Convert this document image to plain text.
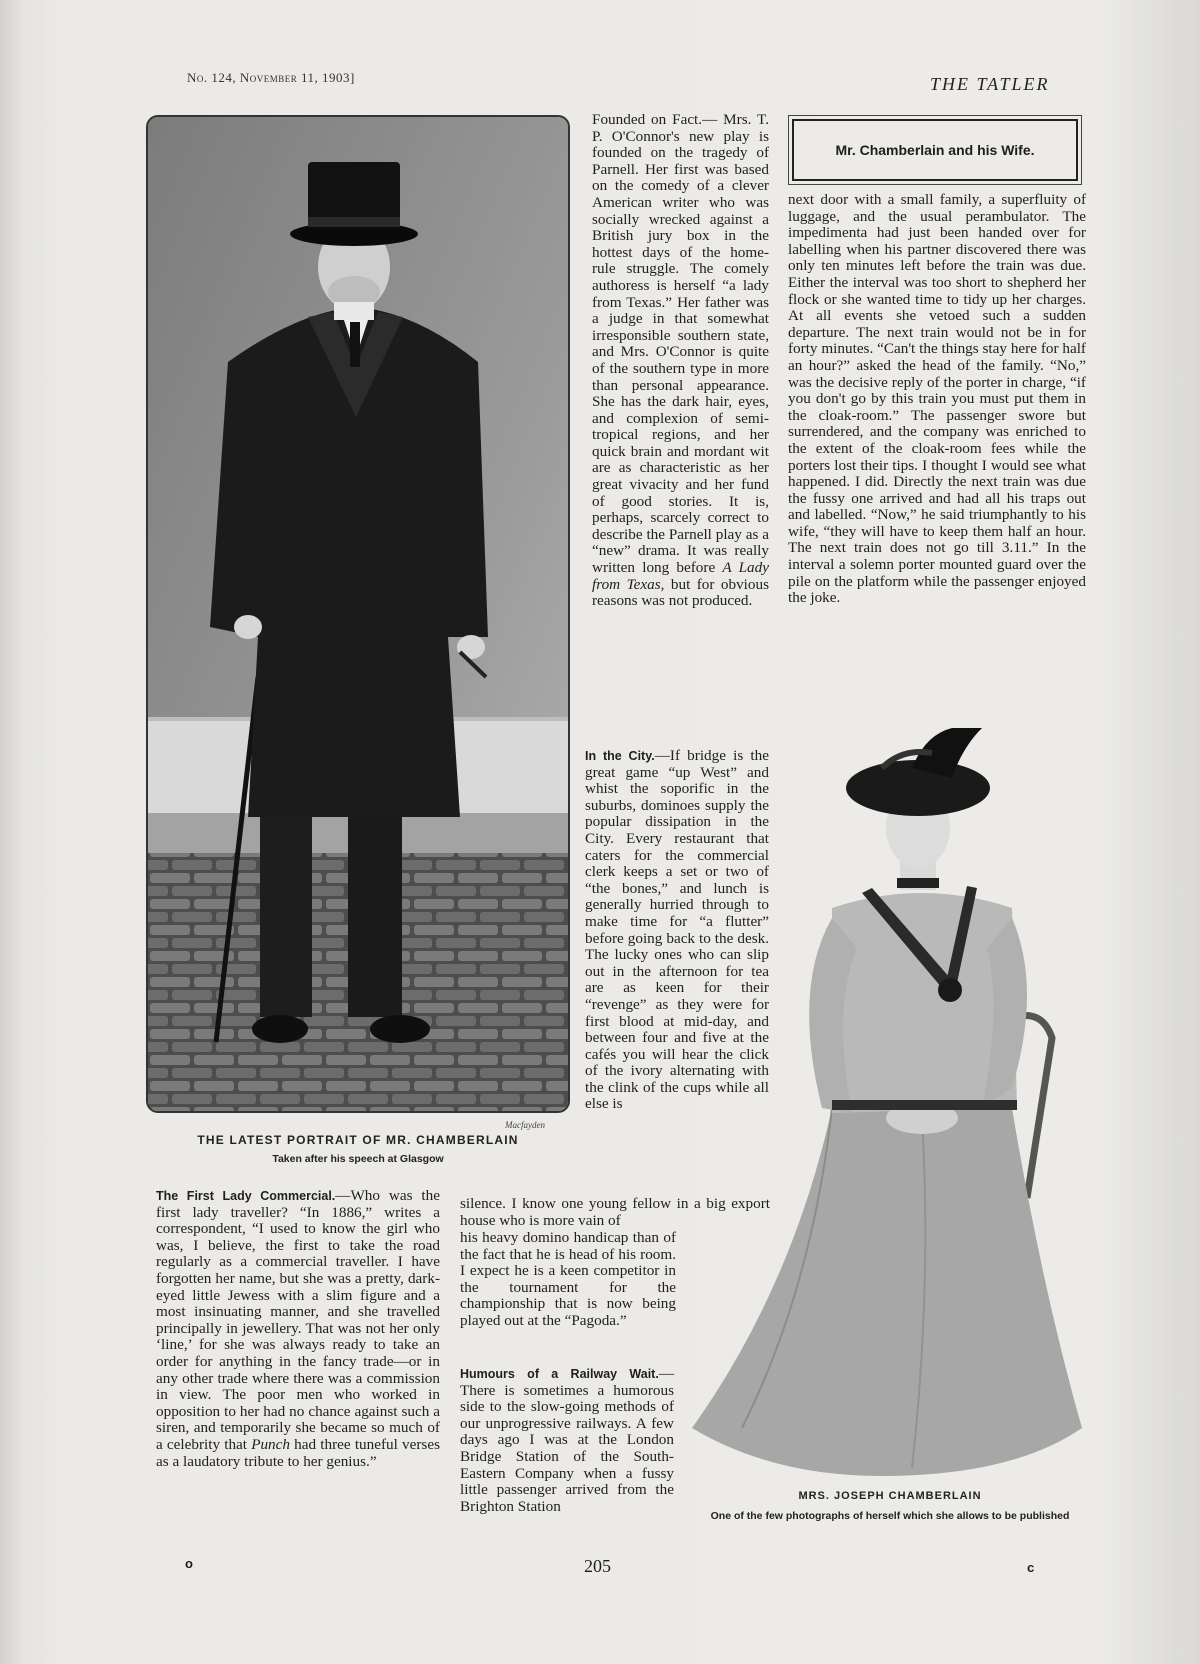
No. 124, November 11, 1903]	THE TATLER
Macfayden
THE LATEST PORTRAIT OF MR. CHAMBERLAIN
Taken after his speech at Glasgow

Founded on Fact.— Mrs. T. P. O'Connor's new play is founded on the tragedy of Parnell. Her first was based on the comedy of a clever American writer who was socially wrecked against a British jury box in the hottest days of the home-rule struggle. The comely authoress is herself “a lady from Texas.” Her father was a judge in that somewhat irresponsible southern state, and Mrs. O'Connor is quite of the southern type in more than personal appearance. She has the dark hair, eyes, and complexion of semi-tropical regions, and her quick brain and mordant wit are as characteristic as her great vivacity and her fund of good stories. It is, perhaps, scarcely correct to describe the Parnell play as a “new” drama. It was really written long before A Lady from Texas, but for obvious reasons was not produced.

In the City.—If bridge is the great game “up West” and whist the soporific in the suburbs, dominoes supply the popular dissipation in the City. Every restaurant that caters for the commercial clerk keeps a set or two of “the bones,” and lunch is generally hurried through to make time for “a flutter” before going back to the desk. The lucky ones who can slip out in the afternoon for tea are as keen for their “revenge” as they were for first blood at mid-day, and between four and five at the cafés you will hear the click of the ivory alternating with the clink of the cups while all else is

silence. I know one young fellow in a big export house who is more vain of
his heavy domino handicap than of the fact that he is head of his room. I expect he is a keen competitor in the tournament for the championship that is now being played out at the “Pagoda.”

Humours of a Railway Wait.—There is sometimes a humorous side to the slow-going methods of our unprogressive railways. A few days ago I was at the London Bridge Station of the South-Eastern Company when a fussy little passenger arrived from the Brighton Station

Mr. Chamberlain and his Wife.
next door with a small family, a superfluity of luggage, and the usual perambulator. The impedimenta had just been handed over for labelling when his partner discovered there was only ten minutes left before the train was due. Either the interval was too short to shepherd her flock or she wanted time to tidy up her charges. At all events she vetoed such a sudden departure. The next train would not be in for forty minutes. “Can't the things stay here for half an hour?” asked the head of the family. “No,” was the decisive reply of the porter in charge, “if you don't go by this train you must put them in the cloak-room.” The passenger swore but surrendered, and the company was enriched to the extent of the cloak-room fees while the porters lost their tips. I thought I would see what happened. I did. Directly the next train was due the fussy one arrived and had all his traps out and labelled. “Now,” he said triumphantly to his wife, “they will have to keep them half an hour. The next train does not go till 3.11.” In the interval a solemn porter mounted guard over the pile on the platform while the passenger enjoyed the joke.
MRS. JOSEPH CHAMBERLAIN
One of the few photographs of herself which she allows to be published

The First Lady Commercial.—Who was the first lady traveller? “In 1886,” writes a correspondent, “I used to know the girl who was, I believe, the first to take the road regularly as a commercial traveller. I have forgotten her name, but she was a pretty, dark-eyed little Jewess with a slim figure and a most insinuating manner, and she travelled principally in jewellery. That was not her only ‘line,’ for she was always ready to take an order for anything in the fancy trade—or in any other trade where there was a commission in view. The poor men who worked in opposition to her had no chance against such a siren, and temporarily she became so much of a celebrity that Punch had three tuneful verses as a laudatory tribute to her genius.”

o	205	c
